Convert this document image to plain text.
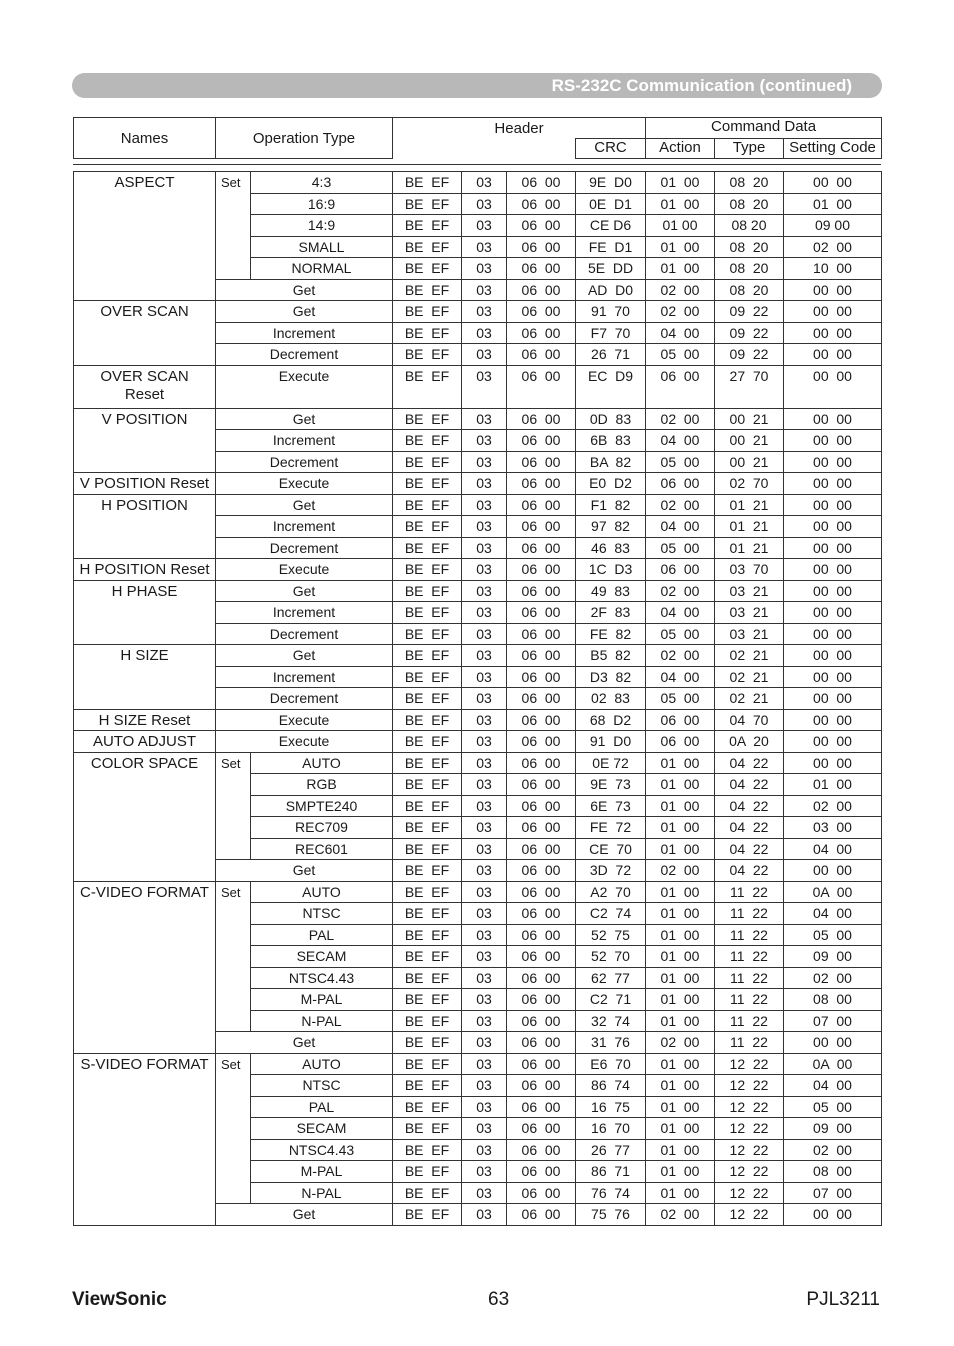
RS-232C Communication (continued)
Names	Operation Type	Header		Command Data		
			CRC	Action	Type	Setting Code
ASPECT	Set	4:3	BE  EF	03	06  00	9E  D0	01  00	08  20	00  00
		16:9	BE  EF	03	06  00	0E  D1	01  00	08  20	01  00
		14:9	BE  EF	03	06  00	CE D6	01 00	08 20	09 00
		SMALL	BE  EF	03	06  00	FE  D1	01  00	08  20	02  00
		NORMAL	BE  EF	03	06  00	5E  DD	01  00	08  20	10  00
	Get		BE  EF	03	06  00	AD  D0	02  00	08  20	00  00

OVER SCAN	Get		BE  EF	03	06  00	91  70	02  00	09  22	00  00
	Increment		BE  EF	03	06  00	F7  70	04  00	09  22	00  00
	Decrement		BE  EF	03	06  00	26  71	05  00	09  22	00  00

OVER SCAN
Reset	Execute		BE  EF	03	06  00	EC  D9	06  00	27  70	00  00

V POSITION	Get		BE  EF	03	06  00	0D  83	02  00	00  21	00  00
	Increment		BE  EF	03	06  00	6B  83	04  00	00  21	00  00
	Decrement		BE  EF	03	06  00	BA  82	05  00	00  21	00  00

V POSITION Reset	Execute		BE  EF	03	06  00	E0  D2	06  00	02  70	00  00

H POSITION	Get		BE  EF	03	06  00	F1  82	02  00	01  21	00  00
	Increment		BE  EF	03	06  00	97  82	04  00	01  21	00  00
	Decrement		BE  EF	03	06  00	46  83	05  00	01  21	00  00

H POSITION Reset	Execute		BE  EF	03	06  00	1C  D3	06  00	03  70	00  00

H PHASE	Get		BE  EF	03	06  00	49  83	02  00	03  21	00  00
	Increment		BE  EF	03	06  00	2F  83	04  00	03  21	00  00
	Decrement		BE  EF	03	06  00	FE  82	05  00	03  21	00  00

H SIZE	Get		BE  EF	03	06  00	B5  82	02  00	02  21	00  00
	Increment		BE  EF	03	06  00	D3  82	04  00	02  21	00  00
	Decrement		BE  EF	03	06  00	02  83	05  00	02  21	00  00

H SIZE Reset	Execute		BE  EF	03	06  00	68  D2	06  00	04  70	00  00

AUTO ADJUST	Execute		BE  EF	03	06  00	91  D0	06  00	0A  20	00  00

COLOR SPACE	Set	AUTO	BE  EF	03	06  00	0E 72	01  00	04  22	00  00
		RGB	BE  EF	03	06  00	9E  73	01  00	04  22	01  00
		SMPTE240	BE  EF	03	06  00	6E  73	01  00	04  22	02  00
		REC709	BE  EF	03	06  00	FE  72	01  00	04  22	03  00
		REC601	BE  EF	03	06  00	CE  70	01  00	04  22	04  00
	Get		BE  EF	03	06  00	3D  72	02  00	04  22	00  00

C-VIDEO FORMAT	Set	AUTO	BE  EF	03	06  00	A2  70	01  00	11  22	0A  00
		NTSC	BE  EF	03	06  00	C2  74	01  00	11  22	04  00
		PAL	BE  EF	03	06  00	52  75	01  00	11  22	05  00
		SECAM	BE  EF	03	06  00	52  70	01  00	11  22	09  00
		NTSC4.43	BE  EF	03	06  00	62  77	01  00	11  22	02  00
		M-PAL	BE  EF	03	06  00	C2  71	01  00	11  22	08  00
		N-PAL	BE  EF	03	06  00	32  74	01  00	11  22	07  00
	Get		BE  EF	03	06  00	31  76	02  00	11  22	00  00

S-VIDEO FORMAT	Set	AUTO	BE  EF	03	06  00	E6  70	01  00	12  22	0A  00
		NTSC	BE  EF	03	06  00	86  74	01  00	12  22	04  00
		PAL	BE  EF	03	06  00	16  75	01  00	12  22	05  00
		SECAM	BE  EF	03	06  00	16  70	01  00	12  22	09  00
		NTSC4.43	BE  EF	03	06  00	26  77	01  00	12  22	02  00
		M-PAL	BE  EF	03	06  00	86  71	01  00	12  22	08  00
		N-PAL	BE  EF	03	06  00	76  74	01  00	12  22	07  00
	Get		BE  EF	03	06  00	75  76	02  00	12  22	00  00
ViewSonic	63	PJL3211
